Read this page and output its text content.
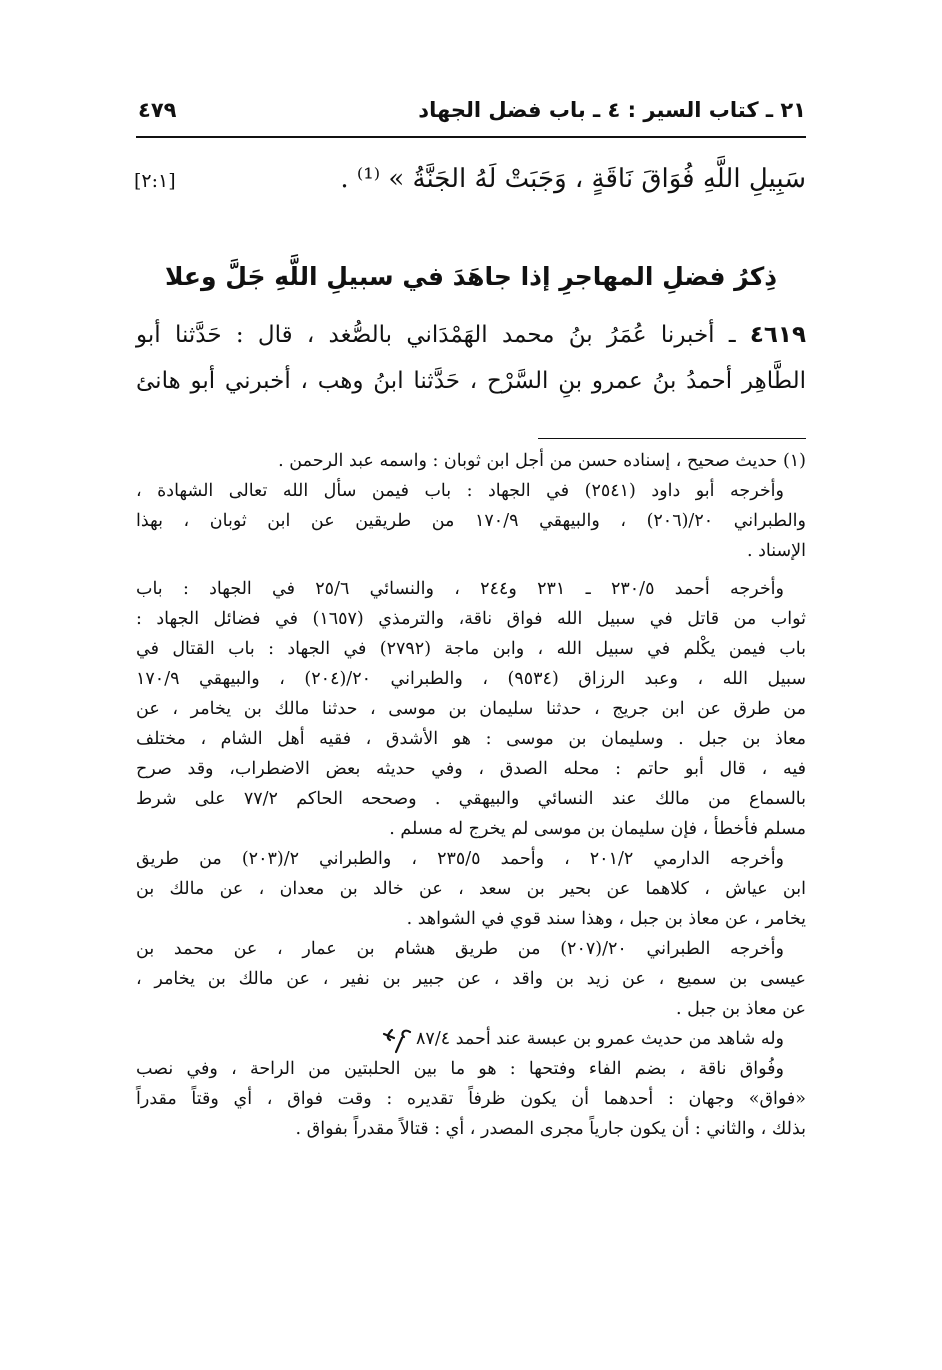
٢١ ـ كتاب السير : ٤ ـ باب فضل الجهاد
٤٧٩
سَبِيلِ اللَّهِ فُوَاقَ نَاقَةٍ ، وَجَبَتْ لَهُ الجَنَّةُ » ⁽¹⁾ .
[٢:١]
ذِكرُ فضلِ المهاجرِ إذا جاهَدَ في سبيلِ اللَّهِ جَلَّ وعلا
٤٦١٩ ـ أخبرنا عُمَرُ بنُ محمد الهَمْدَاني بالصُّغد ، قال : حَدَّثنا أبو
الطَّاهِر أحمدُ بنُ عمرو بنِ السَّرْح ، حَدَّثنا ابنُ وهب ، أخبرني أبو هانئ
(١) حديث صحيح ، إسناده حسن من أجل ابن ثوبان : واسمه عبد الرحمن .
وأخرجه أبو داود (٢٥٤١) في الجهاد : باب فيمن سأل الله تعالى الشهادة ،
والطبراني ٢٠/(٢٠٦) ، والبيهقي ١٧٠/٩ من طريقين عن ابن ثوبان ، بهذا
الإسناد .
وأخرجه أحمد ٢٣٠/٥ ـ ٢٣١ و٢٤٤ ، والنسائي ٢٥/٦ في الجهاد : باب
ثواب من قاتل في سبيل الله فواق ناقة، والترمذي (١٦٥٧) في فضائل الجهاد :
باب فيمن يكْلم في سبيل الله ، وابن ماجة (٢٧٩٢) في الجهاد : باب القتال في
سبيل الله ، وعبد الرزاق (٩٥٣٤) ، والطبراني ٢٠/(٢٠٤) ، والبيهقي ١٧٠/٩
من طرق عن ابن جريج ، حدثنا سليمان بن موسى ، حدثنا مالك بن يخامر ، عن
معاذ بن جبل . وسليمان بن موسى : هو الأشدق ، فقيه أهل الشام ، مختلف
فيه ، قال أبو حاتم : محله الصدق ، وفي حديثه بعض الاضطراب، وقد صرح
بالسماع من مالك عند النسائي والبيهقي . وصححه الحاكم ٧٧/٢ على شرط
مسلم فأخطأ ، فإن سليمان بن موسى لم يخرج له مسلم .
وأخرجه الدارمي ٢٠١/٢ ، وأحمد ٢٣٥/٥ ، والطبراني ٢/(٢٠٣) من طريق
ابن عياش ، كلاهما عن بحير بن سعد ، عن خالد بن معدان ، عن مالك بن
يخامر ، عن معاذ بن جبل ، وهذا سند قوي في الشواهد .
وأخرجه الطبراني ٢٠/(٢٠٧) من طريق هشام بن عمار ، عن محمد بن
عيسى بن سميع ، عن زيد بن واقد ، عن جبير بن نفير ، عن مالك بن يخامر ،
عن معاذ بن جبل .
وله شاهد من حديث عمرو بن عبسة عند أحمد ٨٧/٤
وفُواق ناقة ، بضم الفاء وفتحها : هو ما بين الحلبتين من الراحة ، وفي نصب
«فواق» وجهان : أحدهما أن يكون ظرفاً تقديره : وقت فواق ، أي وقتاً مقدراً
بذلك ، والثاني : أن يكون جارياً مجرى المصدر ، أي : قتالاً مقدراً بفواق .
